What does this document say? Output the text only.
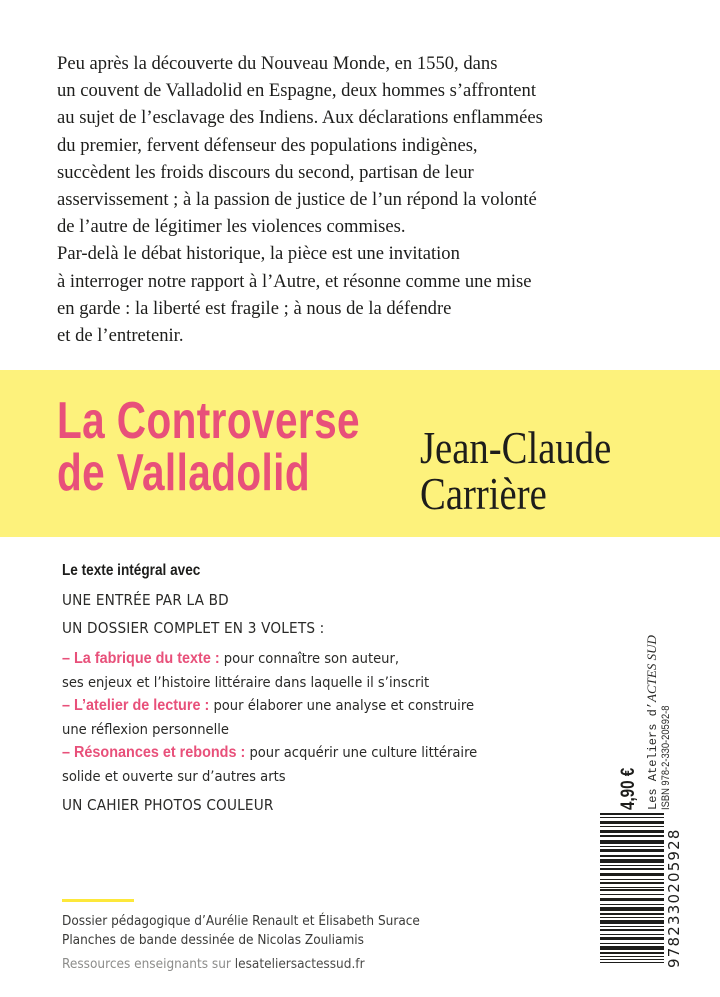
Peu après la découverte du Nouveau Monde, en 1550, dans

un couvent de Valladolid en Espagne, deux hommes s’affrontent

au sujet de l’esclavage des Indiens. Aux déclarations enflammées

du premier, fervent défenseur des populations indigènes,

succèdent les froids discours du second, partisan de leur

asservissement ; à la passion de justice de l’un répond la volonté

de l’autre de légitimer les violences commises.

Par-delà le débat historique, la pièce est une invitation

à interroger notre rapport à l’Autre, et résonne comme une mise

en garde : la liberté est fragile ; à nous de la défendre

et de l’entretenir.

La Controverse
de Valladolid	Jean-Claude
Carrière
Le texte intégral avec
UNE ENTRÉE PAR LA BD
UN DOSSIER COMPLET EN 3 VOLETS :
– La fabrique du texte : pour connaître son auteur,
ses enjeux et l’histoire littéraire dans laquelle il s’inscrit
– L’atelier de lecture : pour élaborer une analyse et construire
une réflexion personnelle
– Résonances et rebonds : pour acquérir une culture littéraire
solide et ouverte sur d’autres arts
UN CAHIER PHOTOS COULEUR
Dossier pédagogique d’Aurélie Renault et Élisabeth Surace
Planches de bande dessinée de Nicolas Zouliamis
Ressources enseignants sur lesateliersactessud.fr
4,90 € Les Ateliers d’ACTES SUD
ISBN 978-2-330-20592-8
9782330205928
